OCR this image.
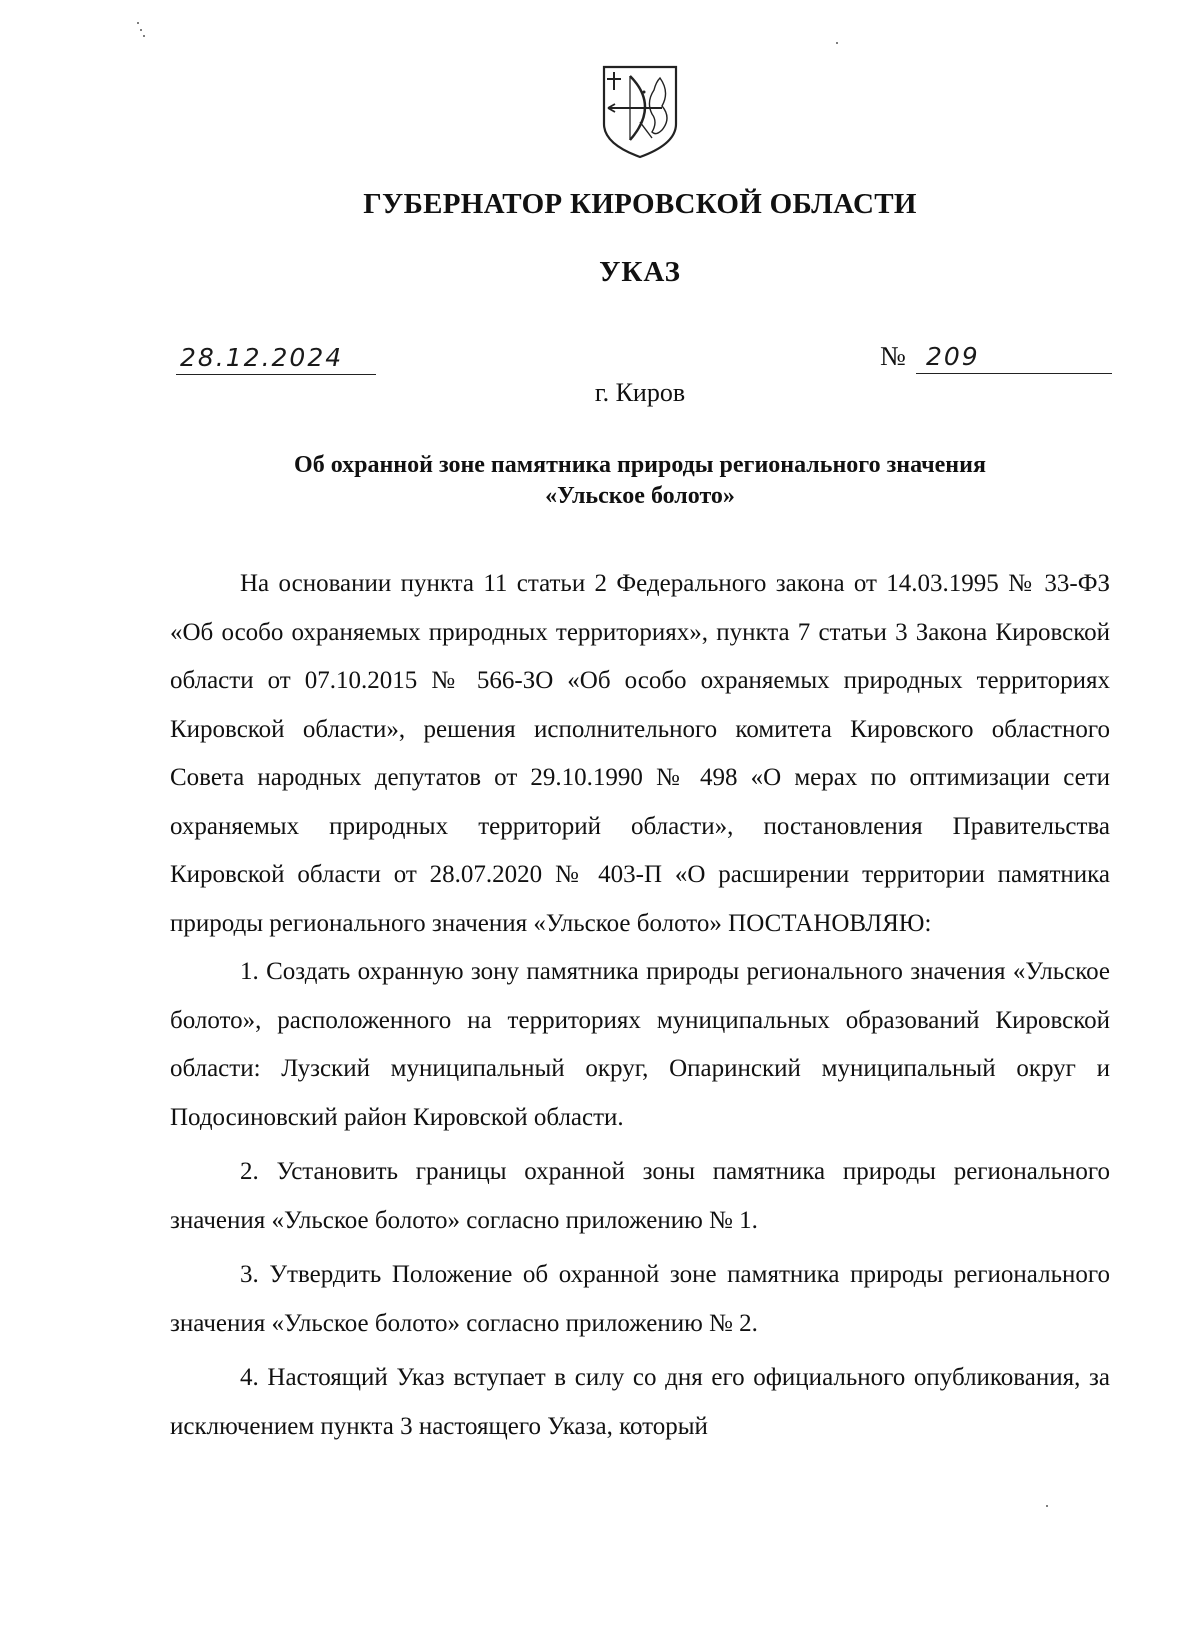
ГУБЕРНАТОР КИРОВСКОЙ ОБЛАСТИ
УКАЗ
28.12.2024	№ 209
г. Киров
Об охранной зоне памятника природы регионального значения
«Ульское болото»

На основании пункта 11 статьи 2 Федерального закона от 14.03.1995 № 33-ФЗ «Об особо охраняемых природных территориях», пункта 7 статьи 3 Закона Кировской области от 07.10.2015 № 566-ЗО «Об особо охраняемых природных территориях Кировской области», решения исполнительного комитета Кировского областного Совета народных депутатов от 29.10.1990 № 498 «О мерах по оптимизации сети охраняемых природных территорий области», постановления Правительства Кировской области от 28.07.2020 № 403-П «О расширении территории памятника природы регионального значения «Ульское болото» ПОСТАНОВЛЯЮ:

1. Создать охранную зону памятника природы регионального значения «Ульское болото», расположенного на территориях муниципальных образований Кировской области: Лузский муниципальный округ, Опаринский муниципальный округ и Подосиновский район Кировской области.

2. Установить границы охранной зоны памятника природы регионального значения «Ульское болото» согласно приложению № 1.

3. Утвердить Положение об охранной зоне памятника природы регионального значения «Ульское болото» согласно приложению № 2.

4. Настоящий Указ вступает в силу со дня его официального опубликования, за исключением пункта 3 настоящего Указа, который
